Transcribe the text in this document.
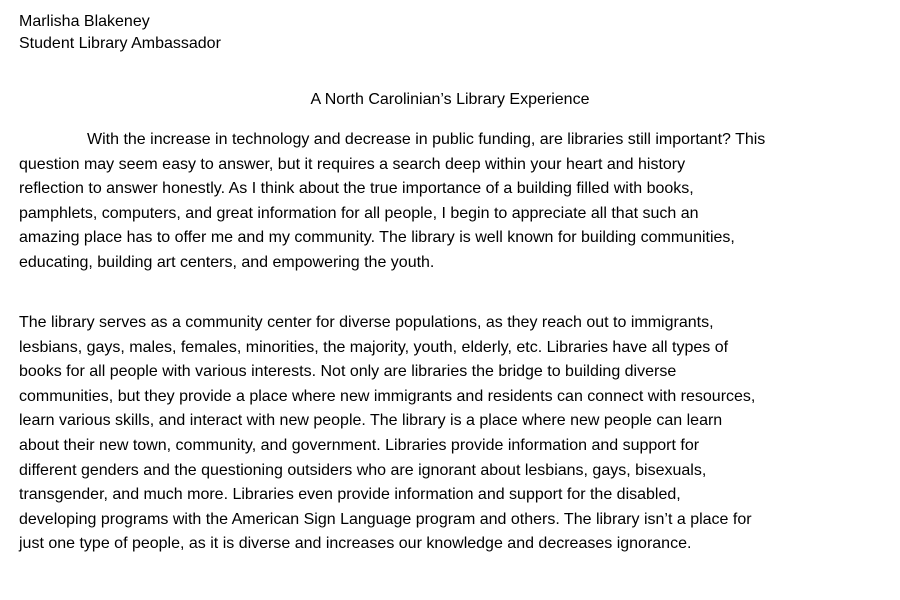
Marlisha Blakeney
Student Library Ambassador
A North Carolinian’s Library Experience
With the increase in technology and decrease in public funding, are libraries still important? This
question may seem easy to answer, but it requires a search deep within your heart and history
reflection to answer honestly. As I think about the true importance of a building filled with books,
pamphlets, computers, and great information for all people, I begin to appreciate all that such an
amazing place has to offer me and my community. The library is well known for building communities,
educating, building art centers, and empowering the youth.
The library serves as a community center for diverse populations, as they reach out to immigrants,
lesbians, gays, males, females, minorities, the majority, youth, elderly, etc. Libraries have all types of
books for all people with various interests. Not only are libraries the bridge to building diverse
communities, but they provide a place where new immigrants and residents can connect with resources,
learn various skills, and interact with new people. The library is a place where new people can learn
about their new town, community, and government. Libraries provide information and support for
different genders and the questioning outsiders who are ignorant about lesbians, gays, bisexuals,
transgender, and much more. Libraries even provide information and support for the disabled,
developing programs with the American Sign Language program and others. The library isn’t a place for
just one type of people, as it is diverse and increases our knowledge and decreases ignorance.
